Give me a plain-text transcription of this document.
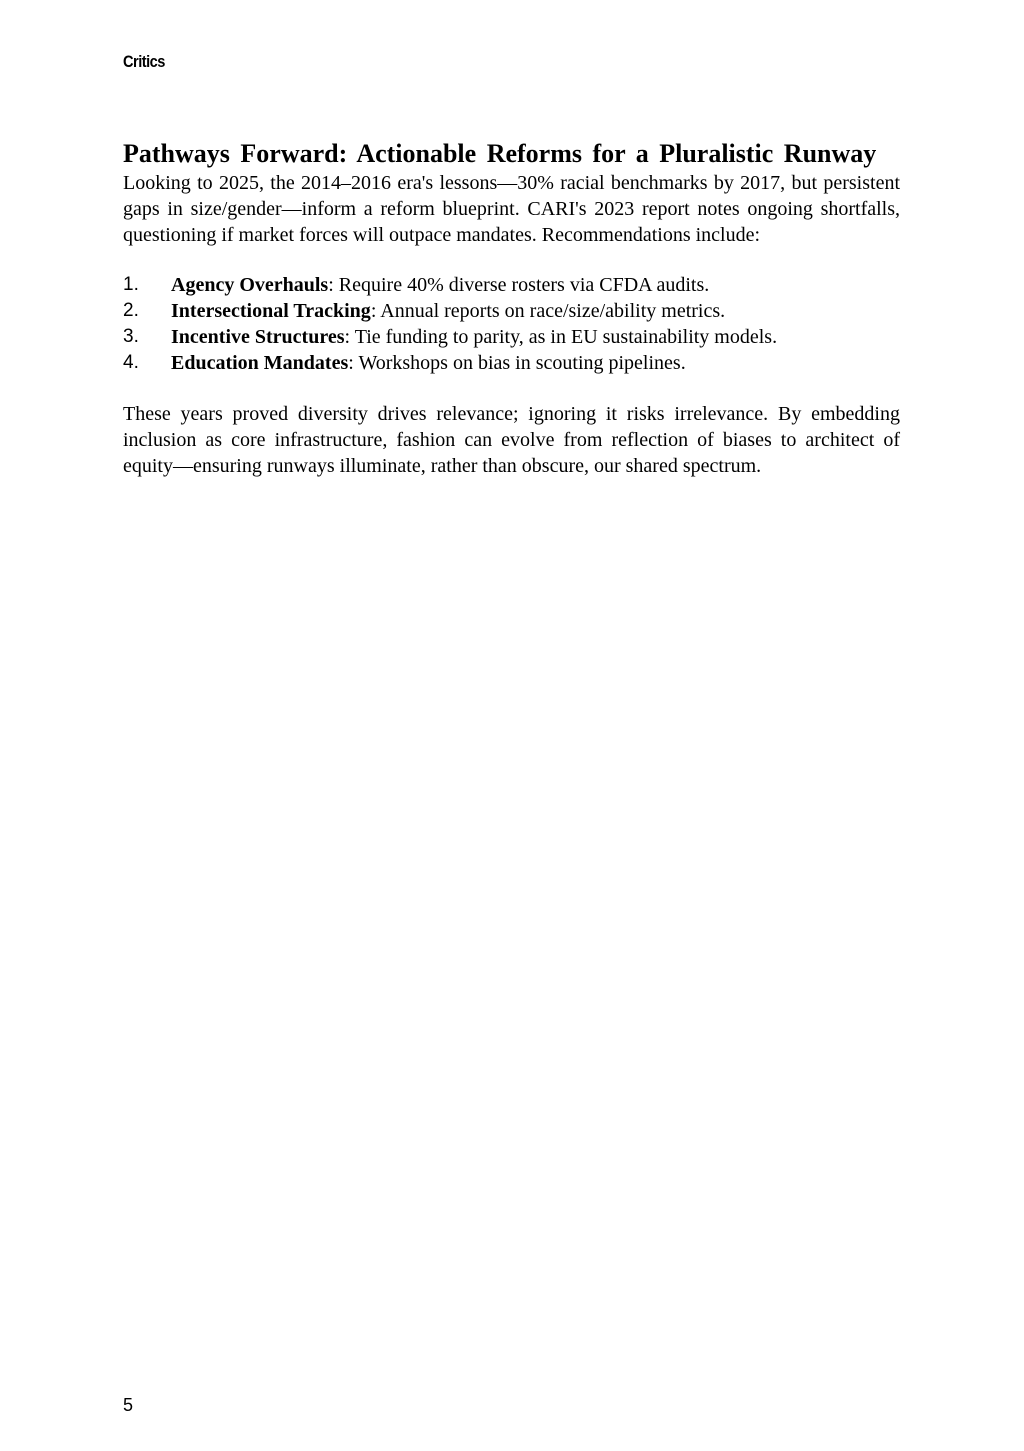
Critics

Pathways Forward: Actionable Reforms for a Pluralistic Runway

Looking to 2025, the 2014–2016 era's lessons—30% racial benchmarks by 2017, but persistent gaps in size/gender—inform a reform blueprint. CARI's 2023 report notes ongoing shortfalls, questioning if market forces will outpace mandates. Recommendations include:

1. Agency Overhauls: Require 40% diverse rosters via CFDA audits.
2. Intersectional Tracking: Annual reports on race/size/ability metrics.
3. Incentive Structures: Tie funding to parity, as in EU sustainability models.
4. Education Mandates: Workshops on bias in scouting pipelines.

These years proved diversity drives relevance; ignoring it risks irrelevance. By embedding inclusion as core infrastructure, fashion can evolve from reflection of biases to architect of equity—ensuring runways illuminate, rather than obscure, our shared spectrum.

5
